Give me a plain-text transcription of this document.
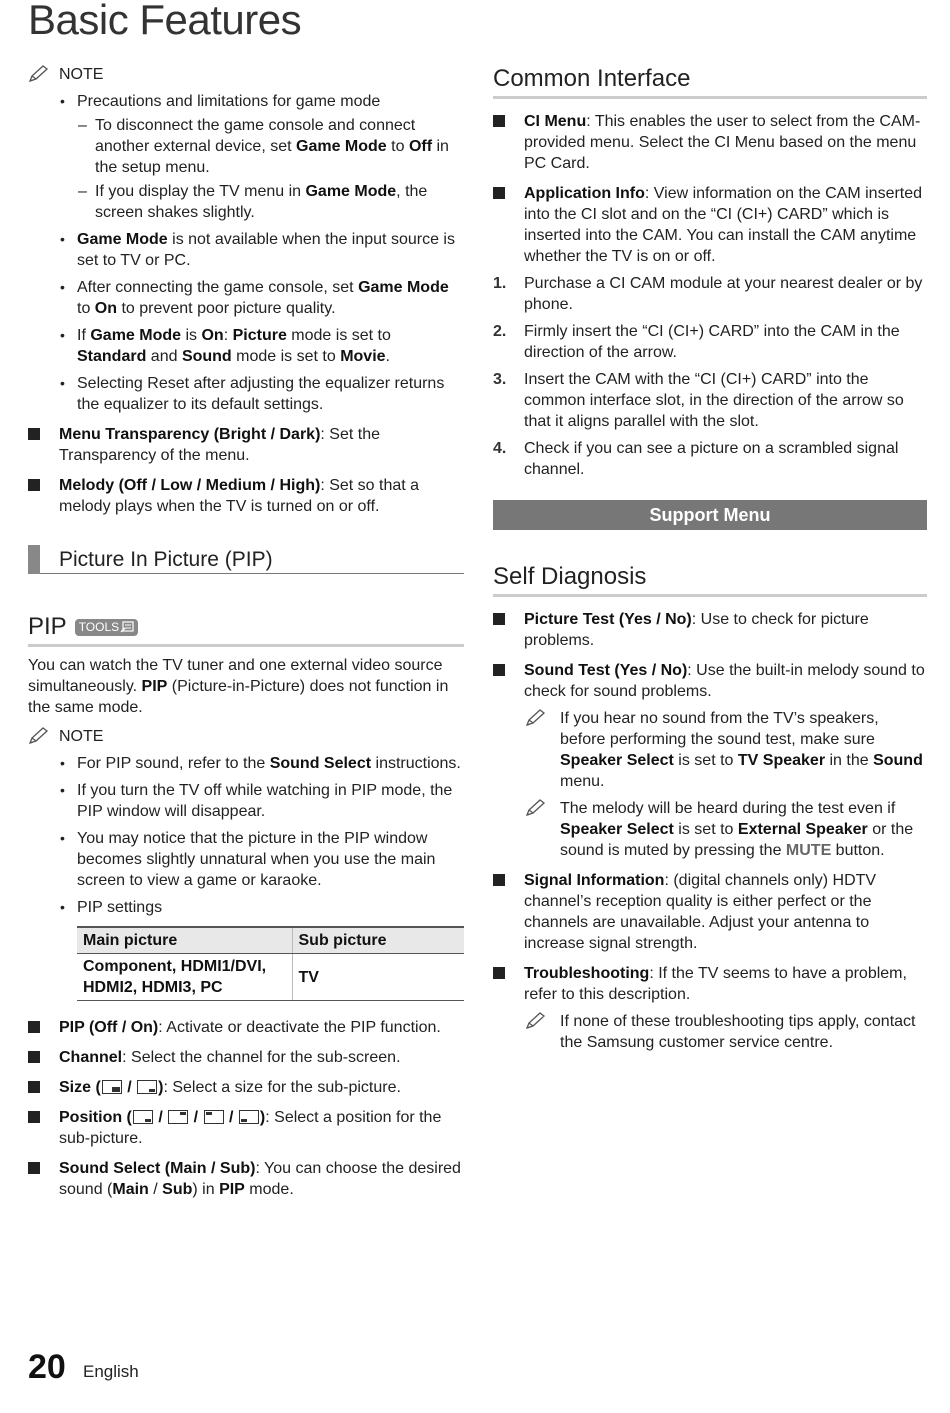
Basic Features
NOTE
• Precautions and limitations for game mode
– To disconnect the game console and connect another external device, set Game Mode to Off in the setup menu.
– If you display the TV menu in Game Mode, the screen shakes slightly.
• Game Mode is not available when the input source is set to TV or PC.
• After connecting the game console, set Game Mode to On to prevent poor picture quality.
• If Game Mode is On: Picture mode is set to Standard and Sound mode is set to Movie.
• Selecting Reset after adjusting the equalizer returns the equalizer to its default settings.
Menu Transparency (Bright / Dark): Set the Transparency of the menu.
Melody (Off / Low / Medium / High): Set so that a melody plays when the TV is turned on or off.
Picture In Picture (PIP)
PIP TOOLS
You can watch the TV tuner and one external video source simultaneously. PIP (Picture-in-Picture) does not function in the same mode.
NOTE
• For PIP sound, refer to the Sound Select instructions.
• If you turn the TV off while watching in PIP mode, the PIP window will disappear.
• You may notice that the picture in the PIP window becomes slightly unnatural when you use the main screen to view a game or karaoke.
• PIP settings
Main picture	Sub picture
Component, HDMI1/DVI, HDMI2, HDMI3, PC	TV
PIP (Off / On): Activate or deactivate the PIP function.
Channel: Select the channel for the sub-screen.
Size (
/
): Select a size for the sub-picture.
Position (
/
/
/
): Select a position for the sub-picture.
Sound Select (Main / Sub): You can choose the desired sound (Main / Sub) in PIP mode.
Common Interface
CI Menu: This enables the user to select from the CAM-provided menu. Select the CI Menu based on the menu PC Card.
Application Info: View information on the CAM inserted into the CI slot and on the “CI (CI+) CARD” which is inserted into the CAM. You can install the CAM anytime whether the TV is on or off.
1. Purchase a CI CAM module at your nearest dealer or by phone.
2. Firmly insert the “CI (CI+) CARD” into the CAM in the direction of the arrow.
3. Insert the CAM with the “CI (CI+) CARD” into the common interface slot, in the direction of the arrow so that it aligns parallel with the slot.
4. Check if you can see a picture on a scrambled signal channel.
Support Menu
Self Diagnosis
Picture Test (Yes / No): Use to check for picture problems.
Sound Test (Yes / No): Use the built-in melody sound to check for sound problems.
If you hear no sound from the TV’s speakers, before performing the sound test, make sure Speaker Select is set to TV Speaker in the Sound menu.
The melody will be heard during the test even if Speaker Select is set to External Speaker or the sound is muted by pressing the MUTE button.
Signal Information: (digital channels only) HDTV channel’s reception quality is either perfect or the channels are unavailable. Adjust your antenna to increase signal strength.
Troubleshooting: If the TV seems to have a problem, refer to this description.
If none of these troubleshooting tips apply, contact the Samsung customer service centre.
20 English
